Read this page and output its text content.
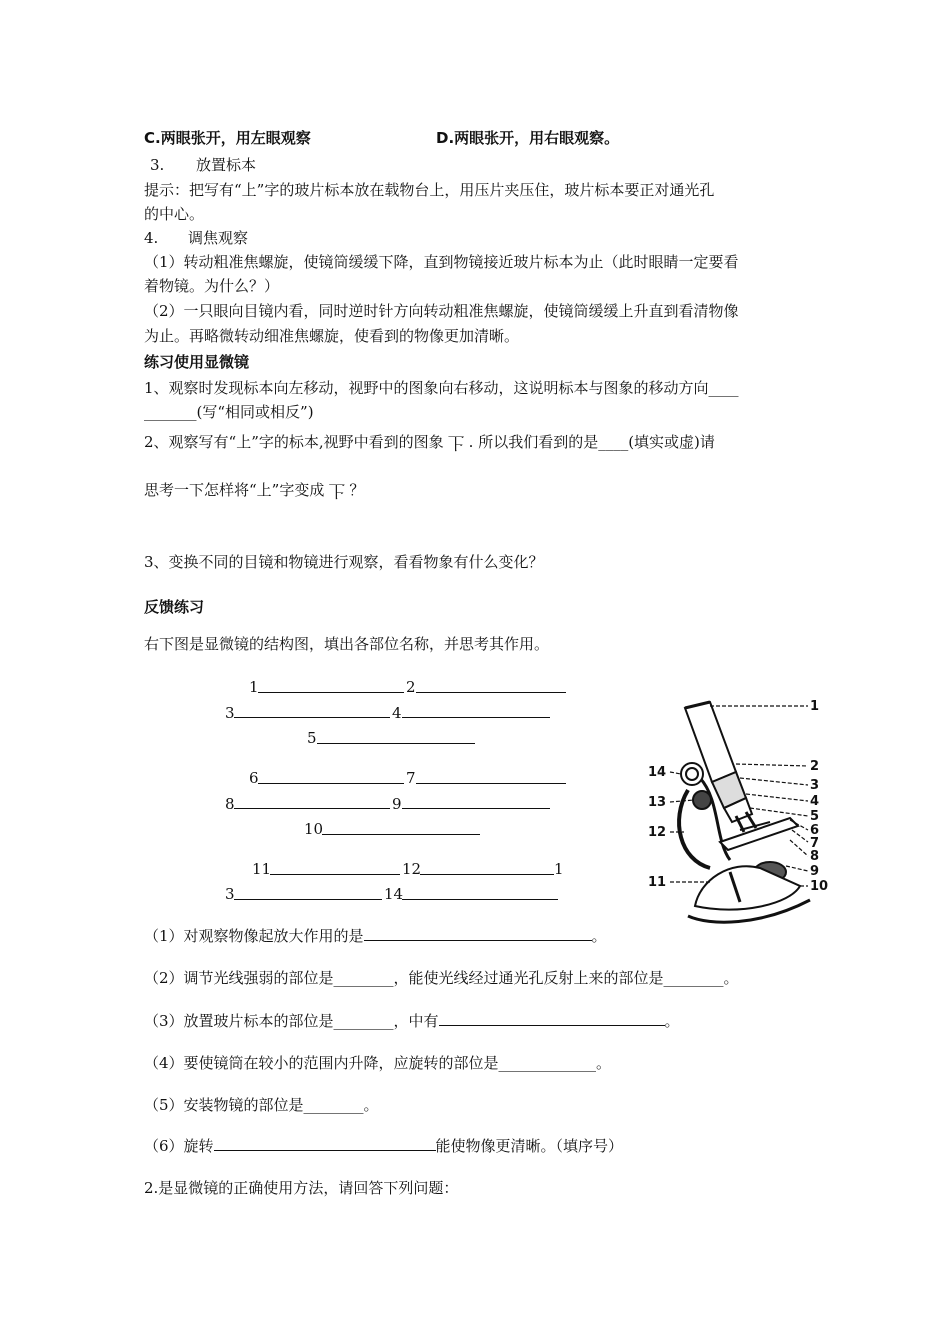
C.两眼张开，用左眼观察	D.两眼张开，用右眼观察。
3. 放置标本
提示：把写有“上”字的玻片标本放在载物台上，用压片夹压住，玻片标本要正对通光孔
的中心。
4. 调焦观察
（1）转动粗准焦螺旋，使镜筒缓缓下降，直到物镜接近玻片标本为止（此时眼睛一定要看
着物镜。为什么？）
（2）一只眼向目镜内看，同时逆时针方向转动粗准焦螺旋，使镜筒缓缓上升直到看清物像
为止。再略微转动细准焦螺旋，使看到的物像更加清晰。
练习使用显微镜
1、观察时发现标本向左移动，视野中的图象向右移动，这说明标本与图象的移动方向____
_______(写“相同或相反”)
2、观察写有“上”字的标本,视野中看到的图象 上 . 所以我们看到的是____(填实或虚)请
思考一下怎样将“上”字变成 上 ？
3、变换不同的目镜和物镜进行观察，看看物象有什么变化？
反馈练习
右下图是显微镜的结构图，填出各部位名称，并思考其作用。
1	2
3	4
5
6	7
8	9
10
11	12	1
3	14
1
2
3
4
5
6
7
8
9
10
11
12
13
14
（1）对观察物像起放大作用的是	。
（2）调节光线强弱的部位是________，能使光线经过通光孔反射上来的部位是________。
（3）放置玻片标本的部位是________，中有	。
（4）要使镜筒在较小的范围内升降，应旋转的部位是_____________。
（5）安装物镜的部位是________。
（6）旋转	能使物像更清晰。（填序号）
2.是显微镜的正确使用方法，请回答下列问题：
